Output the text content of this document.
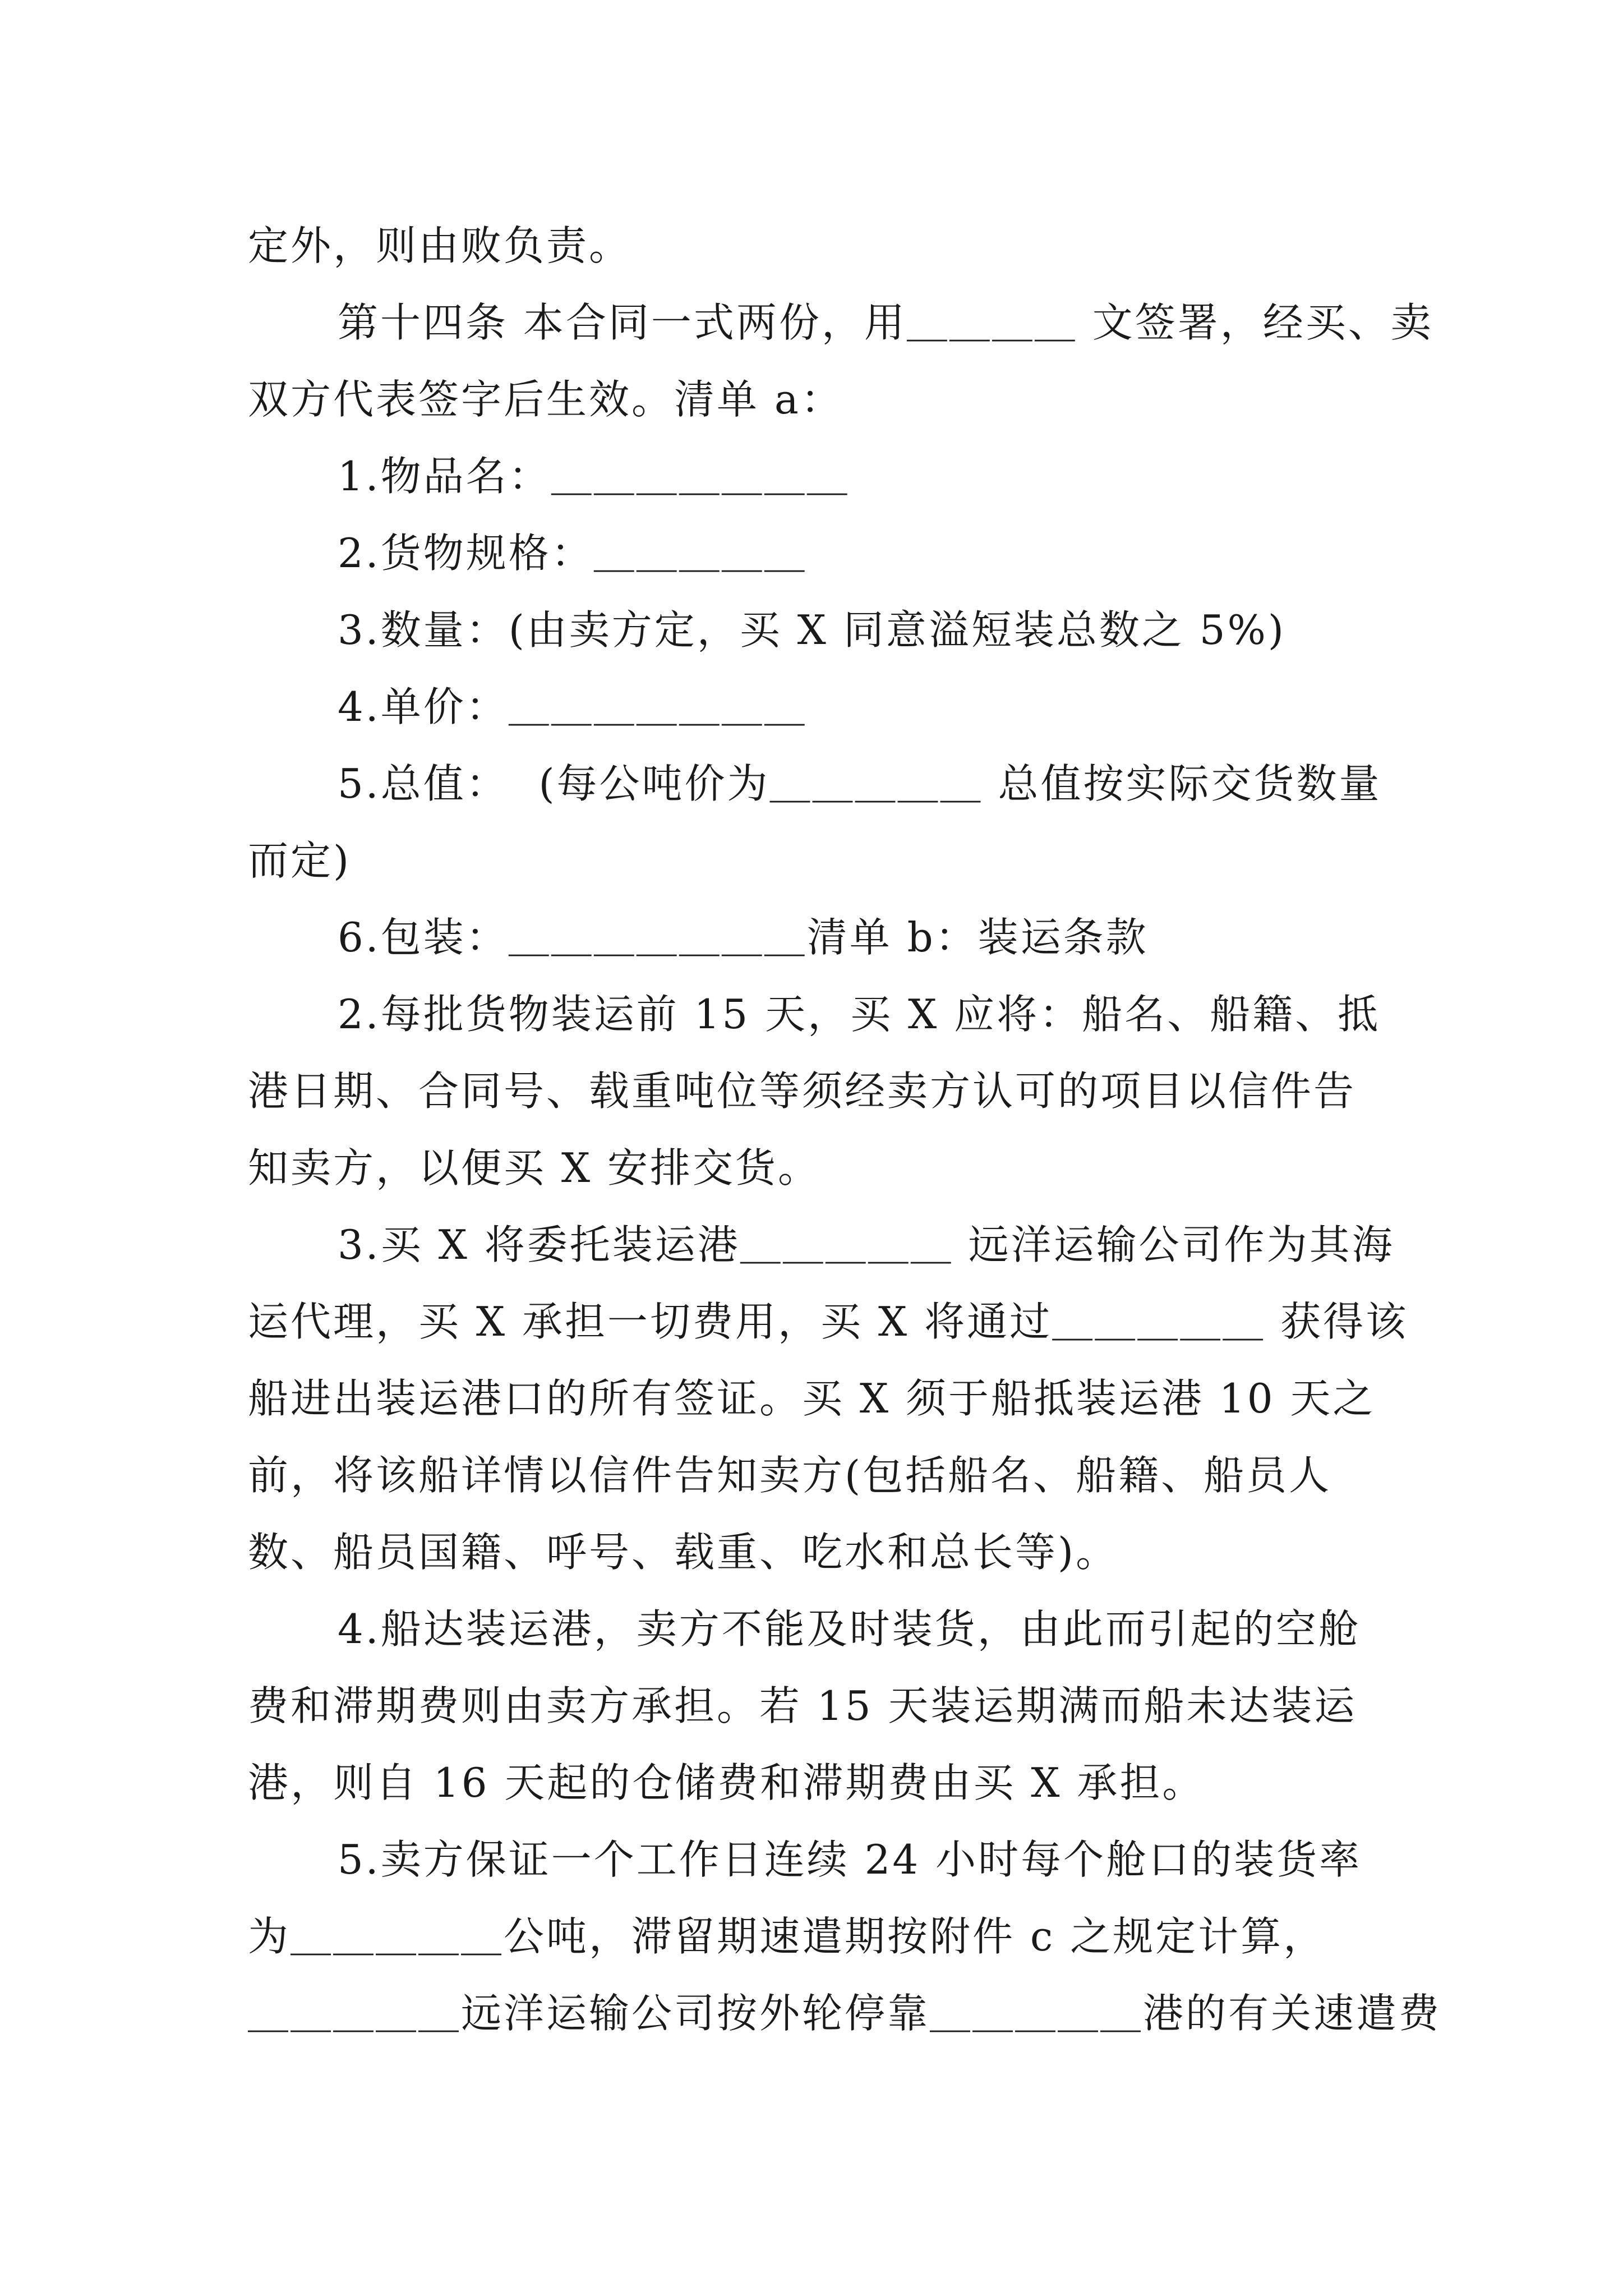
定外，则由败负责。
第十四条 本合同一式两份，用＿＿＿＿ 文签署，经买、卖
双方代表签字后生效。清单 a：
1.物品名：＿＿＿＿＿＿＿
2.货物规格：＿＿＿＿＿
3.数量：(由卖方定，买 X 同意溢短装总数之 5%)
4.单价：＿＿＿＿＿＿＿
5.总值：  (每公吨价为＿＿＿＿＿ 总值按实际交货数量
而定)
6.包装：＿＿＿＿＿＿＿清单 b：装运条款
2.每批货物装运前 15 天，买 X 应将：船名、船籍、抵
港日期、合同号、载重吨位等须经卖方认可的项目以信件告
知卖方，以便买 X 安排交货。
3.买 X 将委托装运港＿＿＿＿＿ 远洋运输公司作为其海
运代理，买 X 承担一切费用，买 X 将通过＿＿＿＿＿ 获得该
船进出装运港口的所有签证。买 X 须于船抵装运港 10 天之
前，将该船详情以信件告知卖方(包括船名、船籍、船员人
数、船员国籍、呼号、载重、吃水和总长等)。
4.船达装运港，卖方不能及时装货，由此而引起的空舱
费和滞期费则由卖方承担。若 15 天装运期满而船未达装运
港，则自 16 天起的仓储费和滞期费由买 X 承担。
5.卖方保证一个工作日连续 24 小时每个舱口的装货率
为＿＿＿＿＿公吨，滞留期速遣期按附件 c 之规定计算，
＿＿＿＿＿远洋运输公司按外轮停靠＿＿＿＿＿港的有关速遣费
